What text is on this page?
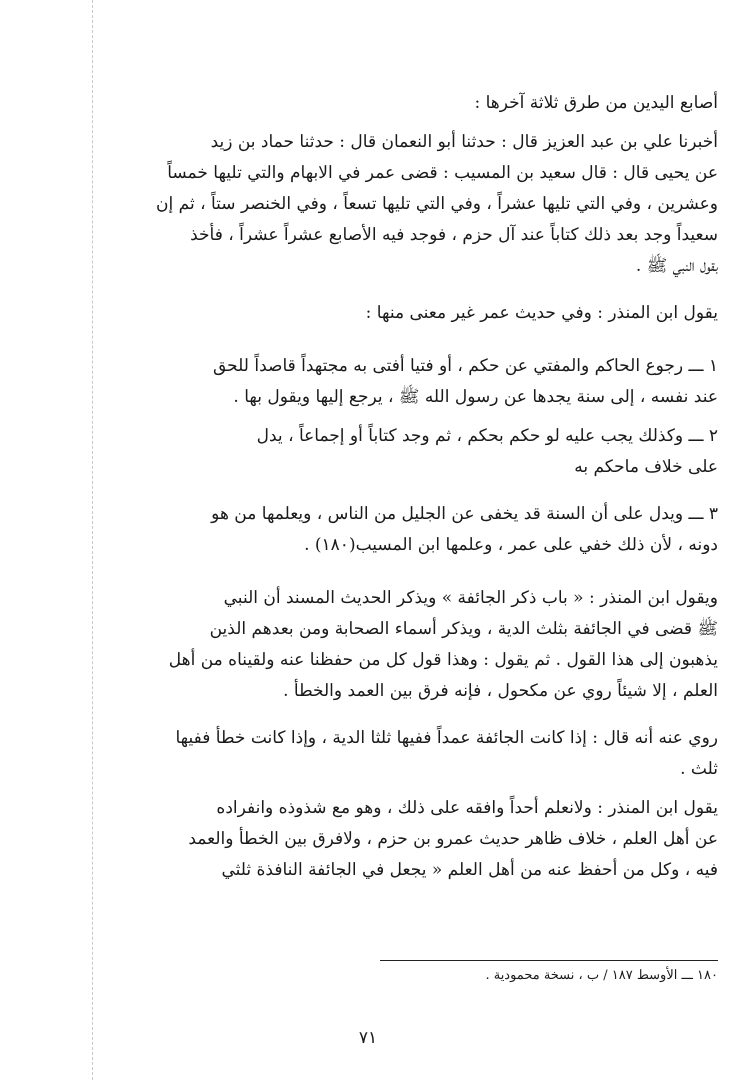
أصابع اليدين من طرق ثلاثة آخرها :
أخبرنا علي بن عبد العزيز قال : حدثنا أبو النعمان قال : حدثنا حماد بن زيد
عن يحيى قال : قال سعيد بن المسيب : قضى عمر في الابهام والتي تليها خمساً
وعشرين ، وفي التي تليها عشراً ، وفي التي تليها تسعاً ، وفي الخنصر ستاً ، ثم إن
سعيداً وجد بعد ذلك كتاباً عند آل حزم ، فوجد فيه الأصابع عشراً عشراً ، فأخذ
بقول النبي ﷺ .
يقول ابن المنذر : وفي حديث عمر غير معنى منها :
١ ـــ رجوع الحاكم والمفتي عن حكم ، أو فتيا أفتى به مجتهداً قاصداً للحق
عند نفسه ، إلى سنة يجدها عن رسول الله ﷺ ، يرجع إليها ويقول بها .
٢ ـــ وكذلك يجب عليه لو حكم بحكم ، ثم وجد كتاباً أو إجماعاً ، يدل
على خلاف ماحكم به
٣ ـــ ويدل على أن السنة قد يخفى عن الجليل من الناس ، ويعلمها من هو
دونه ، لأن ذلك خفي على عمر ، وعلمها ابن المسيب(١٨٠) .
ويقول ابن المنذر : « باب ذكر الجائفة » ويذكر الحديث المسند أن النبي
ﷺ قضى في الجائفة بثلث الدية ، ويذكر أسماء الصحابة ومن بعدهم الذين
يذهبون إلى هذا القول . ثم يقول : وهذا قول كل من حفظنا عنه ولقيناه من أهل
العلم ، إلا شيئاً روي عن مكحول ، فإنه فرق بين العمد والخطأ .
روي عنه أنه قال : إذا كانت الجائفة عمداً ففيها ثلثا الدية ، وإذا كانت خطأ ففيها
ثلث .
يقول ابن المنذر : ولانعلم أحداً وافقه على ذلك ، وهو مع شذوذه وانفراده
عن أهل العلم ، خلاف ظاهر حديث عمرو بن حزم ، ولافرق بين الخطأ والعمد
فيه ، وكل من أحفظ عنه من أهل العلم « يجعل في الجائفة النافذة ثلثي
١٨٠ ـــ الأوسط ١٨٧ / ب ، نسخة محمودية .
٧١
